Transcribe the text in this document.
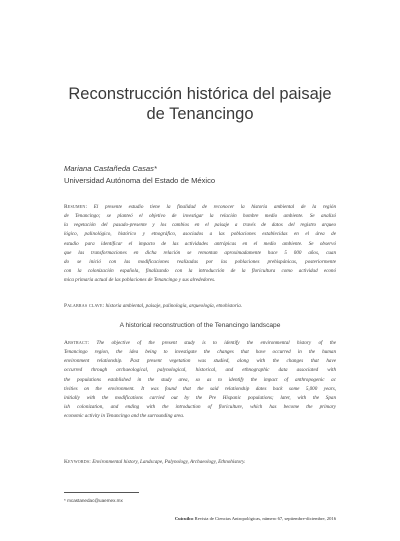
Reconstrucción histórica del paisaje
de Tenancingo
Mariana Castañeda Casas*
Universidad Autónoma del Estado de México
Resumen: El presente estudio tiene la finalidad de reconocer la historia ambiental de la región
de Tenancingo; se planteó el objetivo de investigar la relación hombre medio ambiente. Se analizó
la vegetación del pasado-presente y los cambios en el paisaje a través de datos del registro arqueo
lógico, palinológico, histórico y etnográfico, asociados a las poblaciones establecidas en el área de
estudio para identificar el impacto de las actividades antrópicas en el medio ambiente. Se observó
que las transformaciones en dicha relación se remontan aproximadamente hace 5 000 años, cuan
do se inició con las modificaciones realizadas por las poblaciones prehispánicas, posteriormente
con la colonización española, finalizando con la introducción de la floricultura como actividad econó
mica primaria actual de las poblaciones de Tenancingo y sus alrededores.
Palabras clave: historia ambiental, paisaje, palinología, arqueología, etnohistoria.
A historical reconstruction of the Tenancingo landscape
Abstract: The objective of the present study is to identify the environmental history of the
Tenancingo region, the idea being to investigate the changes that have occurred in the human
environment relationship. Past present vegetation was studied, along with the changes that have
occurred through archaeological, palynological, historical, and ethnographic data associated with
the populations established in the study area, so as to identify the impact of anthropogenic ac
tivities on the environment. It was found that the said relationship dates back some 5,000 years,
initially with the modifications carried out by the Pre Hispanic populations; later, with the Span
ish colonization, and ending with the introduction of floriculture, which has become the primary
economic activity in Tenancingo and the surrounding area.
Keywords: Environmental history, Landscape, Palynology, Archaeology, Ethnohistory.
* mcastanedac@uaemex.mx
Cuicuilco Revista de Ciencias Antropológicas, número 67, septiembre-diciembre, 2016
